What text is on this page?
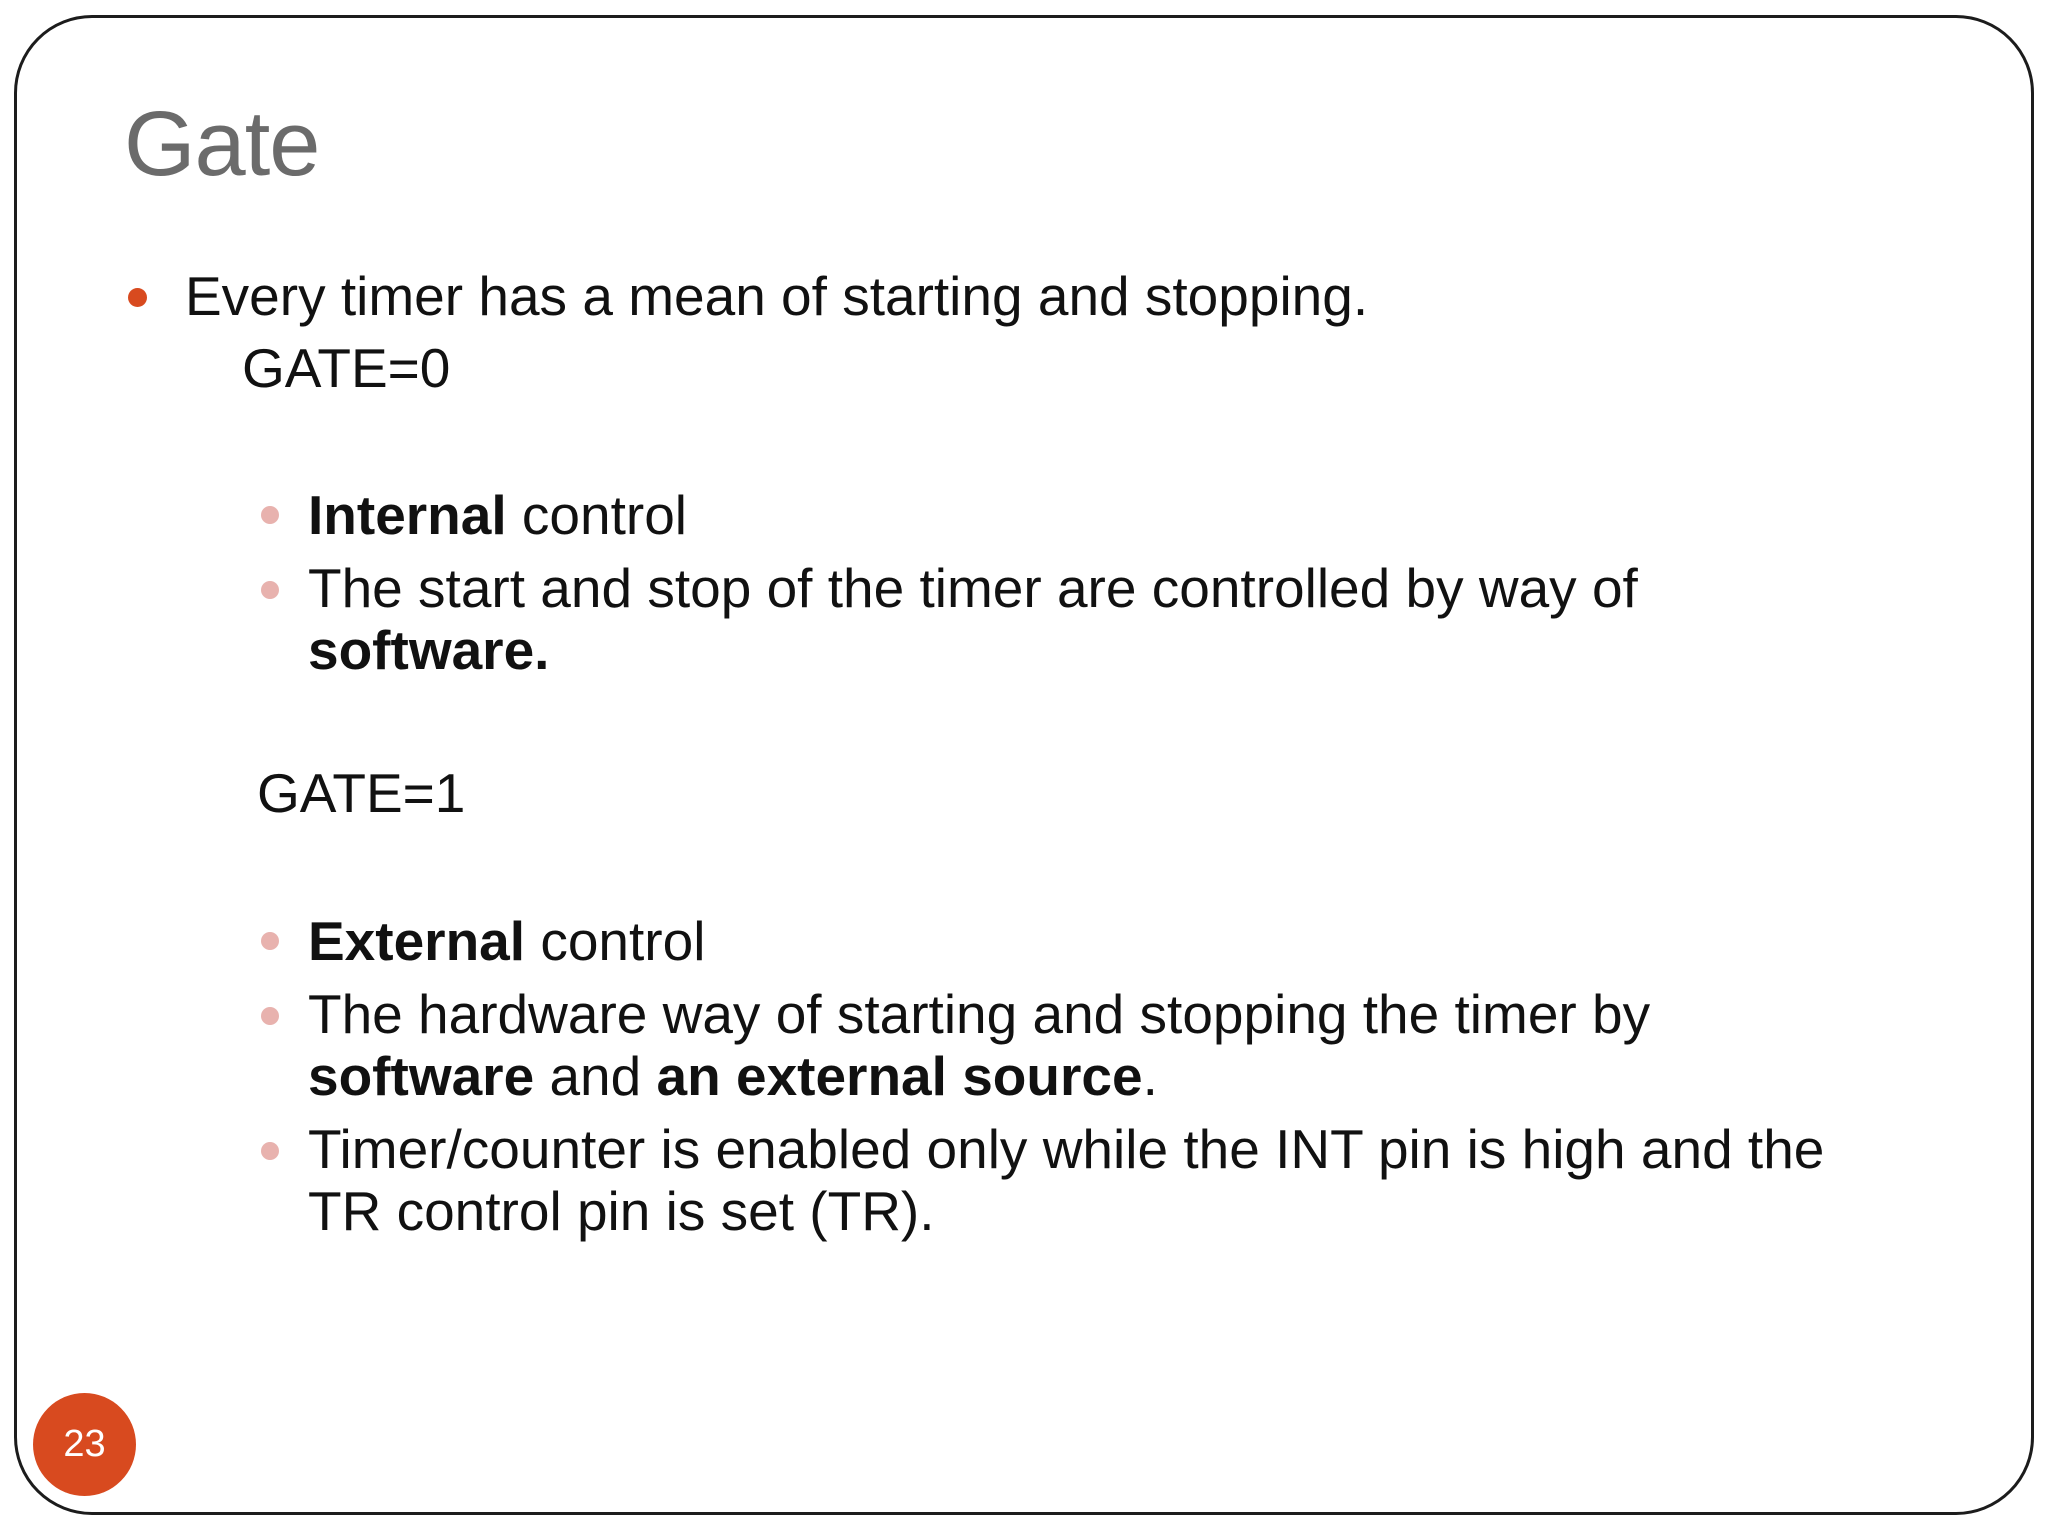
Gate
Every timer has a mean of starting and stopping.
GATE=0
Internal control
The start and stop of the timer are controlled by way of
software.
GATE=1
External control
The hardware way of starting and stopping the timer by
software and an external source.
Timer/counter is enabled only while the INT pin is high and the
TR control pin is set (TR).
23
